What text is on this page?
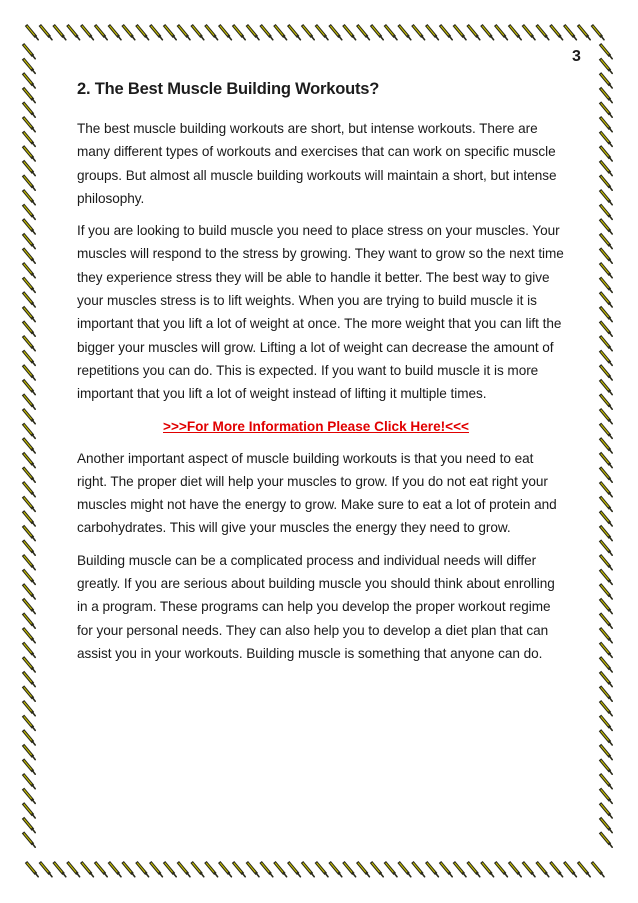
3
2. The Best Muscle Building Workouts?

The best muscle building workouts are short, but intense workouts. There are many different types of workouts and exercises that can work on specific muscle groups. But almost all muscle building workouts will maintain a short, but intense philosophy.

If you are looking to build muscle you need to place stress on your muscles. Your muscles will respond to the stress by growing. They want to grow so the next time they experience stress they will be able to handle it better. The best way to give your muscles stress is to lift weights. When you are trying to build muscle it is important that you lift a lot of weight at once. The more weight that you can lift the bigger your muscles will grow. Lifting a lot of weight can decrease the amount of repetitions you can do. This is expected. If you want to build muscle it is more important that you lift a lot of weight instead of lifting it multiple times.

>>>For More Information Please Click Here!<<<

Another important aspect of muscle building workouts is that you need to eat right. The proper diet will help your muscles to grow. If you do not eat right your muscles might not have the energy to grow. Make sure to eat a lot of protein and carbohydrates. This will give your muscles the energy they need to grow.

Building muscle can be a complicated process and individual needs will differ greatly. If you are serious about building muscle you should think about enrolling in a program. These programs can help you develop the proper workout regime for your personal needs. They can also help you to develop a diet plan that can assist you in your workouts. Building muscle is something that anyone can do.
